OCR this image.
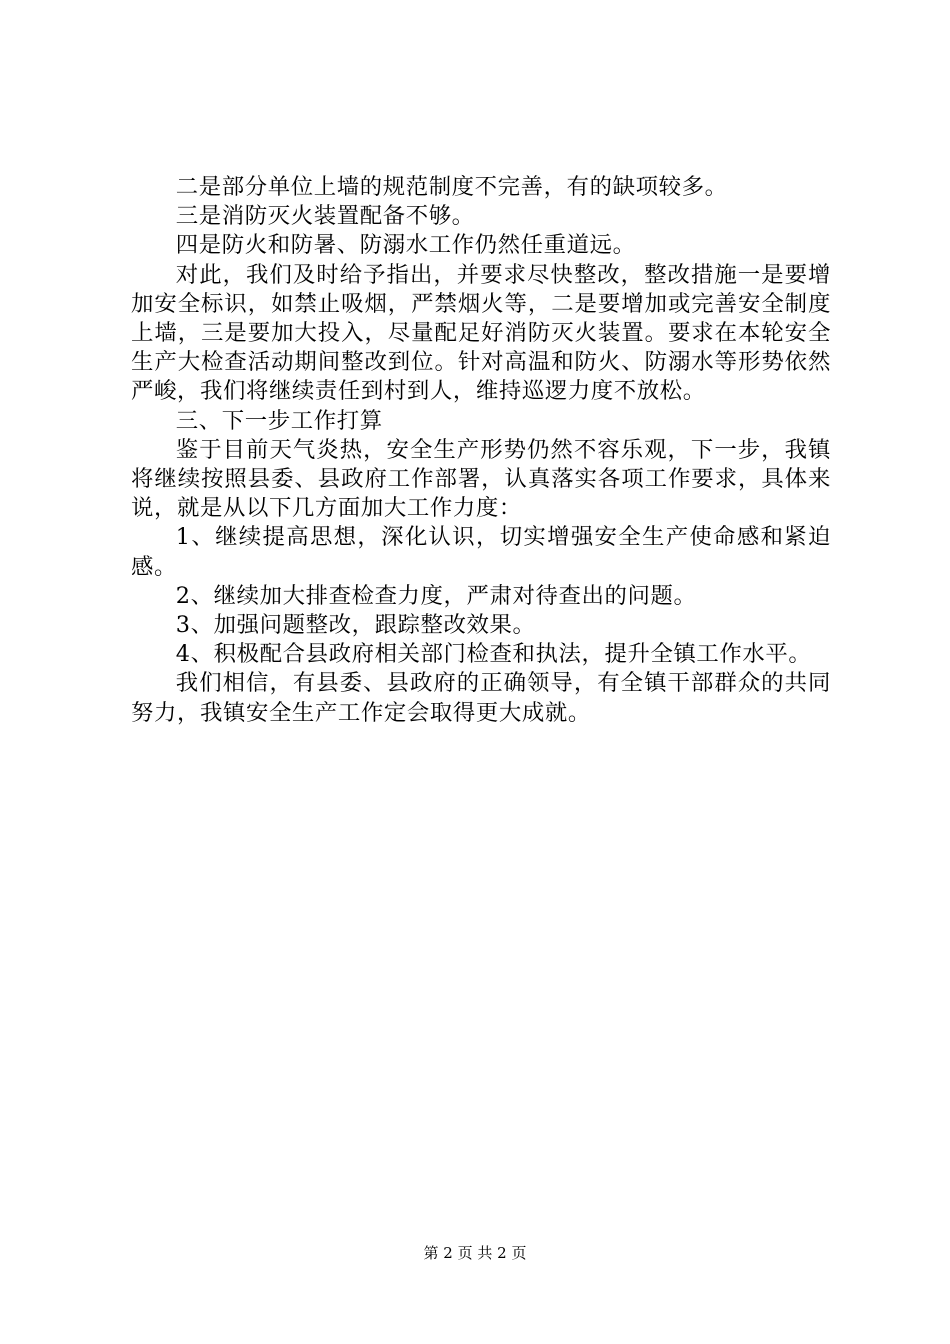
二是部分单位上墙的规范制度不完善，有的缺项较多。

三是消防灭火装置配备不够。

四是防火和防暑、防溺水工作仍然任重道远。

对此，我们及时给予指出，并要求尽快整改，整改措施一是要增加安全标识，如禁止吸烟，严禁烟火等，二是要增加或完善安全制度上墙，三是要加大投入，尽量配足好消防灭火装置。要求在本轮安全生产大检查活动期间整改到位。针对高温和防火、防溺水等形势依然严峻，我们将继续责任到村到人，维持巡逻力度不放松。

三、下一步工作打算

鉴于目前天气炎热，安全生产形势仍然不容乐观，下一步，我镇将继续按照县委、县政府工作部署，认真落实各项工作要求，具体来说，就是从以下几方面加大工作力度：

1、继续提高思想，深化认识，切实增强安全生产使命感和紧迫感。

2、继续加大排查检查力度，严肃对待查出的问题。

3、加强问题整改，跟踪整改效果。

4、积极配合县政府相关部门检查和执法，提升全镇工作水平。

我们相信，有县委、县政府的正确领导，有全镇干部群众的共同努力，我镇安全生产工作定会取得更大成就。

第 2 页 共 2 页
